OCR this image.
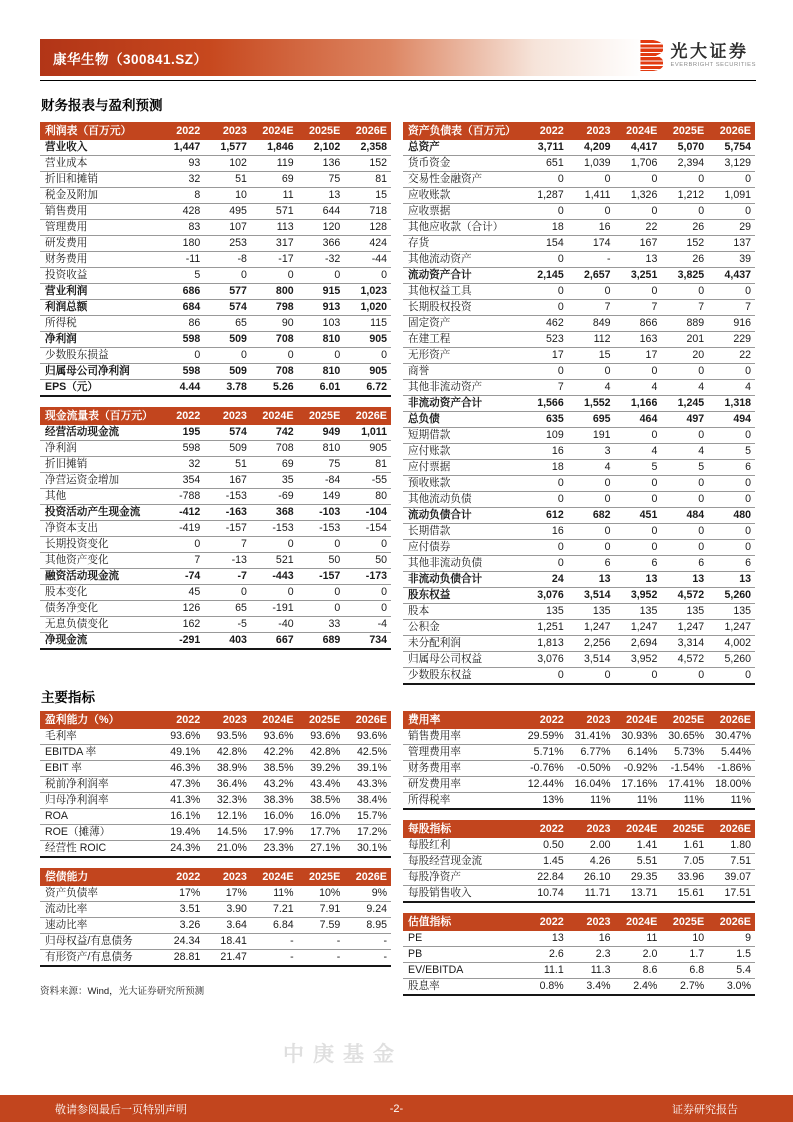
康华生物（300841.SZ）	光大证券
EVERBRIGHT SECURITIES
财务报表与盈利预测
利润表（百万元）	2022	2023	2024E	2025E	2026E
营业收入	1,447	1,577	1,846	2,102	2,358
营业成本	93	102	119	136	152
折旧和摊销	32	51	69	75	81
税金及附加	8	10	11	13	15
销售费用	428	495	571	644	718
管理费用	83	107	113	120	128
研发费用	180	253	317	366	424
财务费用	-11	-8	-17	-32	-44
投资收益	5	0	0	0	0
营业利润	686	577	800	915	1,023
利润总额	684	574	798	913	1,020
所得税	86	65	90	103	115
净利润	598	509	708	810	905
少数股东损益	0	0	0	0	0
归属母公司净利润	598	509	708	810	905
EPS（元）	4.44	3.78	5.26	6.01	6.72
现金流量表（百万元）	2022	2023	2024E	2025E	2026E
经营活动现金流	195	574	742	949	1,011
净利润	598	509	708	810	905
折旧摊销	32	51	69	75	81
净营运资金增加	354	167	35	-84	-55
其他	-788	-153	-69	149	80
投资活动产生现金流	-412	-163	368	-103	-104
净资本支出	-419	-157	-153	-153	-154
长期投资变化	0	7	0	0	0
其他资产变化	7	-13	521	50	50
融资活动现金流	-74	-7	-443	-157	-173
股本变化	45	0	0	0	0
债务净变化	126	65	-191	0	0
无息负债变化	162	-5	-40	33	-4
净现金流	-291	403	667	689	734
资产负债表（百万元）	2022	2023	2024E	2025E	2026E
总资产	3,711	4,209	4,417	5,070	5,754
货币资金	651	1,039	1,706	2,394	3,129
交易性金融资产	0	0	0	0	0
应收账款	1,287	1,411	1,326	1,212	1,091
应收票据	0	0	0	0	0
其他应收款（合计）	18	16	22	26	29
存货	154	174	167	152	137
其他流动资产	0	-	13	26	39
流动资产合计	2,145	2,657	3,251	3,825	4,437
其他权益工具	0	0	0	0	0
长期股权投资	0	7	7	7	7
固定资产	462	849	866	889	916
在建工程	523	112	163	201	229
无形资产	17	15	17	20	22
商誉	0	0	0	0	0
其他非流动资产	7	4	4	4	4
非流动资产合计	1,566	1,552	1,166	1,245	1,318
总负债	635	695	464	497	494
短期借款	109	191	0	0	0
应付账款	16	3	4	4	5
应付票据	18	4	5	5	6
预收账款	0	0	0	0	0
其他流动负债	0	0	0	0	0
流动负债合计	612	682	451	484	480
长期借款	16	0	0	0	0
应付债券	0	0	0	0	0
其他非流动负债	0	6	6	6	6
非流动负债合计	24	13	13	13	13
股东权益	3,076	3,514	3,952	4,572	5,260
股本	135	135	135	135	135
公积金	1,251	1,247	1,247	1,247	1,247
未分配利润	1,813	2,256	2,694	3,314	4,002
归属母公司权益	3,076	3,514	3,952	4,572	5,260
少数股东权益	0	0	0	0	0
主要指标
盈利能力（%）	2022	2023	2024E	2025E	2026E
毛利率	93.6%	93.5%	93.6%	93.6%	93.6%
EBITDA 率	49.1%	42.8%	42.2%	42.8%	42.5%
EBIT 率	46.3%	38.9%	38.5%	39.2%	39.1%
税前净利润率	47.3%	36.4%	43.2%	43.4%	43.3%
归母净利润率	41.3%	32.3%	38.3%	38.5%	38.4%
ROA	16.1%	12.1%	16.0%	16.0%	15.7%
ROE（摊薄）	19.4%	14.5%	17.9%	17.7%	17.2%
经营性 ROIC	24.3%	21.0%	23.3%	27.1%	30.1%
偿债能力	2022	2023	2024E	2025E	2026E
资产负债率	17%	17%	11%	10%	9%
流动比率	3.51	3.90	7.21	7.91	9.24
速动比率	3.26	3.64	6.84	7.59	8.95
归母权益/有息债务	24.34	18.41	-	-	-
有形资产/有息债务	28.81	21.47	-	-	-
资料来源：Wind，光大证券研究所预测
费用率	2022	2023	2024E	2025E	2026E
销售费用率	29.59%	31.41%	30.93%	30.65%	30.47%
管理费用率	5.71%	6.77%	6.14%	5.73%	5.44%
财务费用率	-0.76%	-0.50%	-0.92%	-1.54%	-1.86%
研发费用率	12.44%	16.04%	17.16%	17.41%	18.00%
所得税率	13%	11%	11%	11%	11%
每股指标	2022	2023	2024E	2025E	2026E
每股红利	0.50	2.00	1.41	1.61	1.80
每股经营现金流	1.45	4.26	5.51	7.05	7.51
每股净资产	22.84	26.10	29.35	33.96	39.07
每股销售收入	10.74	11.71	13.71	15.61	17.51
估值指标	2022	2023	2024E	2025E	2026E
PE	13	16	11	10	9
PB	2.6	2.3	2.0	1.7	1.5
EV/EBITDA	11.1	11.3	8.6	6.8	5.4
股息率	0.8%	3.4%	2.4%	2.7%	3.0%
中庚基金
敬请参阅最后一页特别声明	-2-	证券研究报告
